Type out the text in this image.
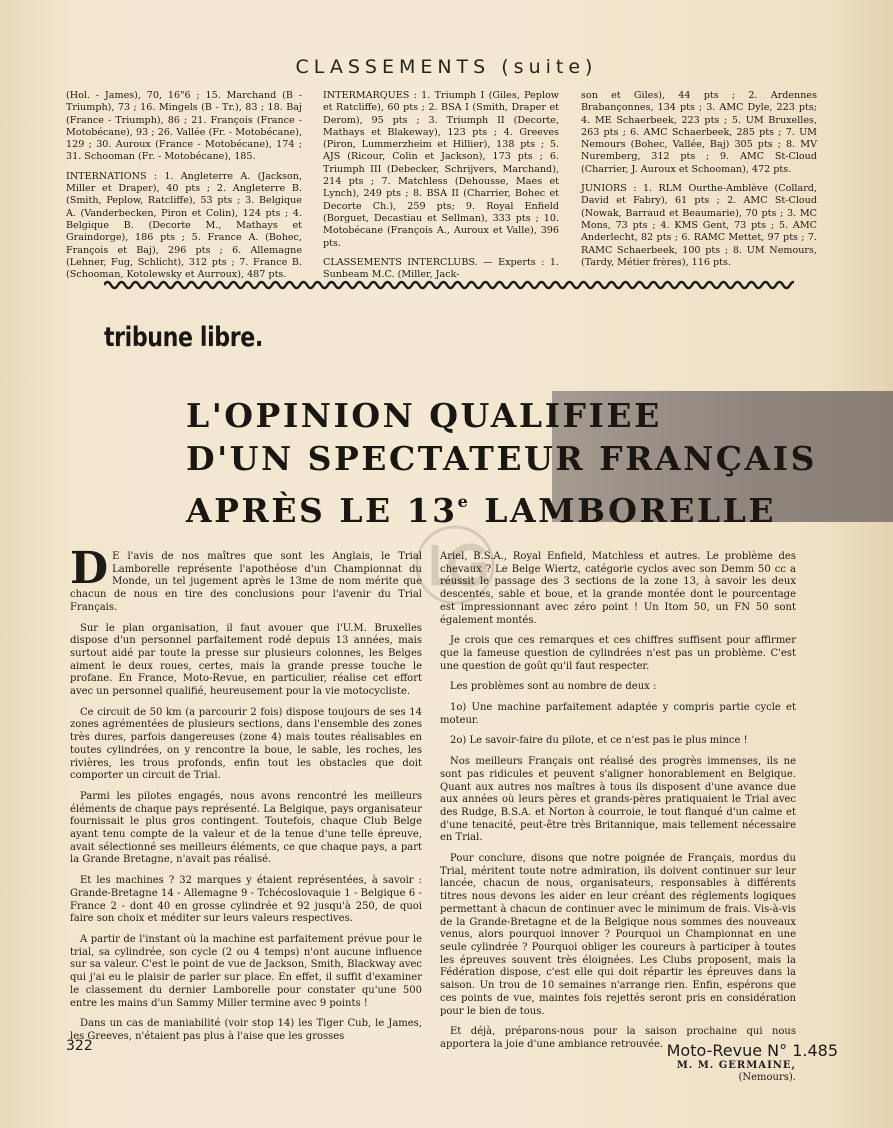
CLASSEMENTS (suite)

(Hol. - James), 70, 16"6 ; 15. Marchand (B - Triumph), 73 ; 16. Mingels (B - Tr.), 83 ; 18. Baj (France - Triumph), 86 ; 21. François (France - Motobécane), 93 ; 26. Vallée (Fr. - Motobécane), 129 ; 30. Auroux (France - Motobécane), 174 ; 31. Schooman (Fr. - Motobécane), 185.

INTERNATIONS : 1. Angleterre A. (Jackson, Miller et Draper), 40 pts ; 2. Angleterre B. (Smith, Peplow, Ratcliffe), 53 pts ; 3. Belgique A. (Vanderbecken, Piron et Colin), 124 pts ; 4. Belgique B. (Decorte M., Mathays et Graindorge), 186 pts ; 5. France A. (Bohec, François et Baj), 296 pts ; 6. Allemagne (Lehner, Fug, Schlicht), 312 pts ; 7. France B. (Schooman, Kotolewsky et Aurroux), 487 pts.

INTERMARQUES : 1. Triumph I (Giles, Peplow et Ratcliffe), 60 pts ; 2. BSA I (Smith, Draper et Derom), 95 pts ; 3. Triumph II (Decorte, Mathays et Blakeway), 123 pts ; 4. Greeves (Piron, Lummerzheim et Hillier), 138 pts ; 5. AJS (Ricour, Colin et Jackson), 173 pts ; 6. Triumph III (Debecker, Schrijvers, Marchand), 214 pts ; 7. Matchless (Dehousse, Maes et Lynch), 249 pts ; 8. BSA II (Charrier, Bohec et Decorte Ch.), 259 pts; 9. Royal Enfield (Borguet, Decastiau et Sellman), 333 pts ; 10. Motobécane (François A., Auroux et Valle), 396 pts.

CLASSEMENTS INTERCLUBS. — Experts : 1. Sunbeam M.C. (Miller, Jack-

son et Giles), 44 pts ; 2. Ardennes Brabançonnes, 134 pts ; 3. AMC Dyle, 223 pts; 4. ME Schaerbeek, 223 pts ; 5. UM Bruxelles, 263 pts ; 6. AMC Schaerbeek, 285 pts ; 7. UM Nemours (Bohec, Vallée, Baj) 305 pts ; 8. MV Nuremberg, 312 pts ; 9. AMC St-Cloud (Charrier, J. Auroux et Schooman), 472 pts.

JUNIORS : 1. RLM Ourthe-Amblève (Collard, David et Fabry), 61 pts ; 2. AMC St-Cloud (Nowak, Barraud et Beaumarie), 70 pts ; 3. MC Mons, 73 pts ; 4. KMS Gent, 73 pts ; 5. AMC Anderlecht, 82 pts ; 6. RAMC Mettet, 97 pts ; 7. RAMC Schaerbeek, 100 pts ; 8. UM Nemours, (Tardy, Métier frères), 116 pts.

tribune libre.
L'OPINION QUALIFIEE
D'UN SPECTATEUR FRANÇAIS
APRÈS LE 13e LAMBORELLE

D E l'avis de nos maîtres que sont les Anglais, le Trial Lamborelle représente l'apothéose d'un Championnat du Monde, un tel jugement après le 13me de nom mérite que chacun de nous en tire des conclusions pour l'avenir du Trial Français.

Sur le plan organisation, il faut avouer que l'U.M. Bruxelles dispose d'un personnel parfaitement rodé depuis 13 années, mais surtout aidé par toute la presse sur plusieurs colonnes, les Belges aiment le deux roues, certes, mais la grande presse touche le profane. En France, Moto-Revue, en particulier, réalise cet effort avec un personnel qualifié, heureusement pour la vie motocycliste.

Ce circuit de 50 km (a parcourir 2 fois) dispose toujours de ses 14 zones agrémentées de plusieurs sections, dans l'ensemble des zones très dures, parfois dangereuses (zone 4) mais toutes réalisables en toutes cylindrées, on y rencontre la boue, le sable, les roches, les rivières, les trous profonds, enfin tout les obstacles que doit comporter un circuit de Trial.

Parmi les pilotes engagés, nous avons rencontré les meilleurs éléments de chaque pays représenté. La Belgique, pays organisateur fournissait le plus gros contingent. Toutefois, chaque Club Belge ayant tenu compte de la valeur et de la tenue d'une telle épreuve, avait sélectionné ses meilleurs éléments, ce que chaque pays, a part la Grande Bretagne, n'avait pas réalisé.

Et les machines ? 32 marques y étaient représentées, à savoir : Grande-Bretagne 14 - Allemagne 9 - Tchécoslovaquie 1 - Belgique 6 - France 2 - dont 40 en grosse cylindrée et 92 jusqu'à 250, de quoi faire son choix et méditer sur leurs valeurs respectives.

A partir de l'instant où la machine est parfaitement prévue pour le trial, sa cylindrée, son cycle (2 ou 4 temps) n'ont aucune influence sur sa valeur. C'est le point de vue de Jackson, Smith, Blackway avec qui j'ai eu le plaisir de parler sur place. En effet, il suffit d'examiner le classement du dernier Lamborelle pour constater qu'une 500 entre les mains d'un Sammy Miller termine avec 9 points !

Dans un cas de maniabilité (voir stop 14) les Tiger Cub, le James, les Greeves, n'étaient pas plus à l'aise que les grosses

Ariel, B.S.A., Royal Enfield, Matchless et autres. Le problème des chevaux ? Le Belge Wiertz, catégorie cyclos avec son Demm 50 cc a réussit le passage des 3 sections de la zone 13, à savoir les deux descentes, sable et boue, et la grande montée dont le pourcentage est impressionnant avec zéro point ! Un Itom 50, un FN 50 sont également montés.

Je crois que ces remarques et ces chiffres suffisent pour affirmer que la fameuse question de cylindrées n'est pas un problème. C'est une question de goût qu'il faut respecter.

Les problèmes sont au nombre de deux :

1o) Une machine parfaitement adaptée y compris partie cycle et moteur.

2o) Le savoir-faire du pilote, et ce n'est pas le plus mince !

Nos meilleurs Français ont réalisé des progrès immenses, ils ne sont pas ridicules et peuvent s'aligner honorablement en Belgique. Quant aux autres nos maîtres à tous ils disposent d'une avance due aux années où leurs pères et grands-pères pratiquaient le Trial avec des Rudge, B.S.A. et Norton à courroie, le tout flanqué d'un calme et d'une tenacité, peut-être très Britannique, mais tellement nécessaire en Trial.

Pour conclure, disons que notre poignée de Français, mordus du Trial, méritent toute notre admiration, ils doivent continuer sur leur lancée, chacun de nous, organisateurs, responsables à différents titres nous devons les aider en leur créant des réglements logiques permettant à chacun de continuer avec le minimum de frais. Vis-à-vis de la Grande-Bretagne et de la Belgique nous sommes des nouveaux venus, alors pourquoi innover ? Pourquoi un Championnat en une seule cylindrée ? Pourquoi obliger les coureurs à participer à toutes les épreuves souvent très éloignées. Les Clubs proposent, mais la Fédération dispose, c'est elle qui doit répartir les épreuves dans la saison. Un trou de 10 semaines n'arrange rien. Enfin, espérons que ces points de vue, maintes fois rejettés seront pris en considération pour le bien de tous.

Et déjà, préparons-nous pour la saison prochaine qui nous apportera la joie d'une ambiance retrouvée.

M. M. GERMAINE,
(Nemours).

322	Moto-Revue N° 1.485
